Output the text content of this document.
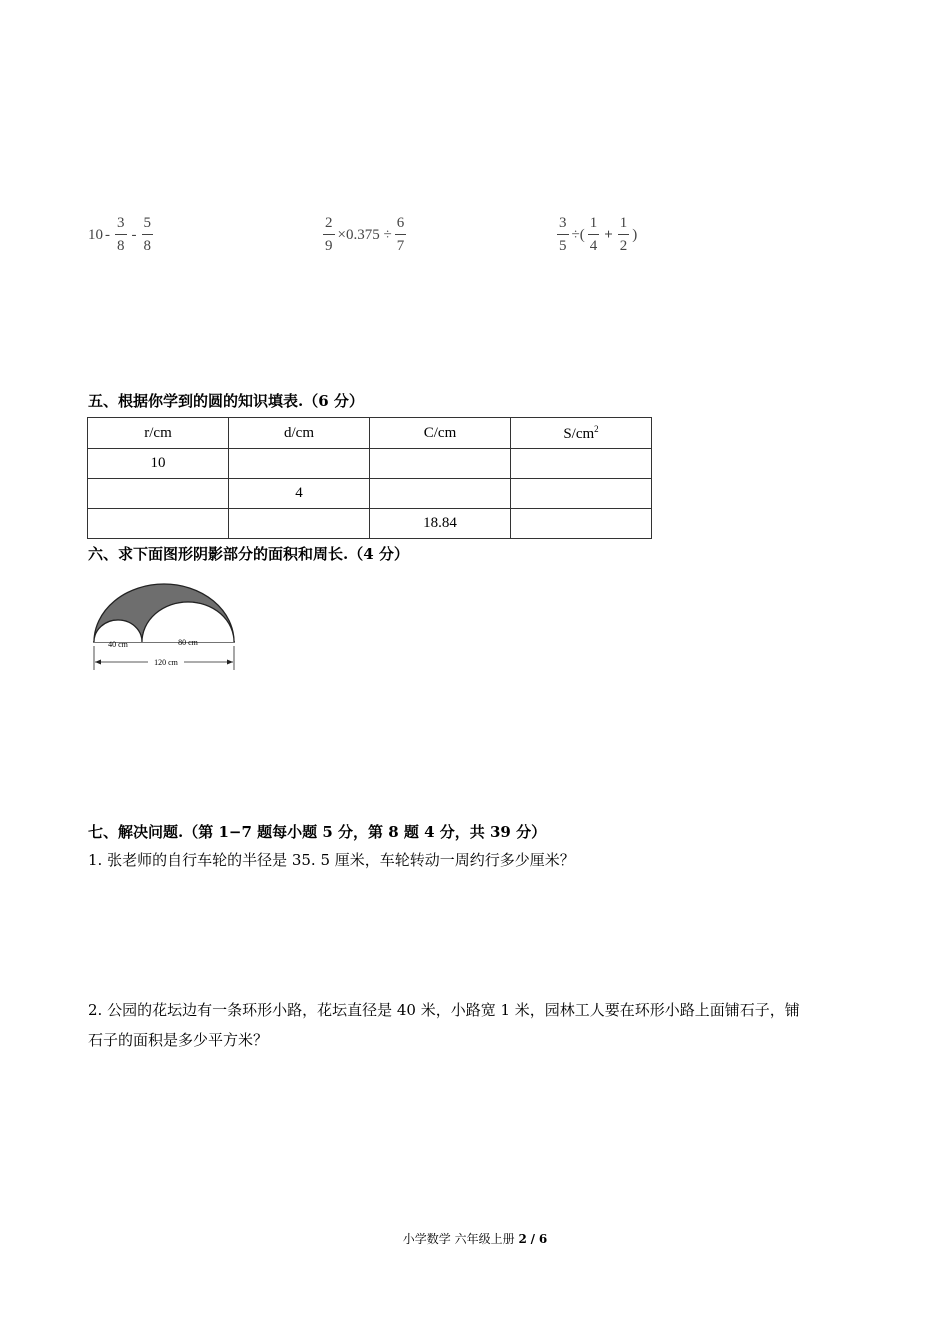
$10 - \frac{3}{8} - \frac{5}{8}$	$\frac{2}{9} \times 0.375 \div \frac{6}{7}$	$\frac{3}{5}$ ÷( $\frac{1}{4} + \frac{1}{2}$ )
五、根据你学到的圆的知识填表.（6 分）
r/cm	d/cm	C/cm	$S/cm^2$
10			
	4		
		18.84	
六、求下面图形阴影部分的面积和周长.（4 分）
40 cm	80 cm
120 cm
七、解决问题.（第 1−7 题每小题 5 分，第 8 题 4 分，共 39 分）
1. 张老师的自行车轮的半径是 35. 5 厘米，车轮转动一周约行多少厘米？
2. 公园的花坛边有一条环形小路，花坛直径是 40 米，小路宽 1 米，园林工人要在环形小路上面铺石子，铺
石子的面积是多少平方米？
小学数学 六年级上册 2 / 6
